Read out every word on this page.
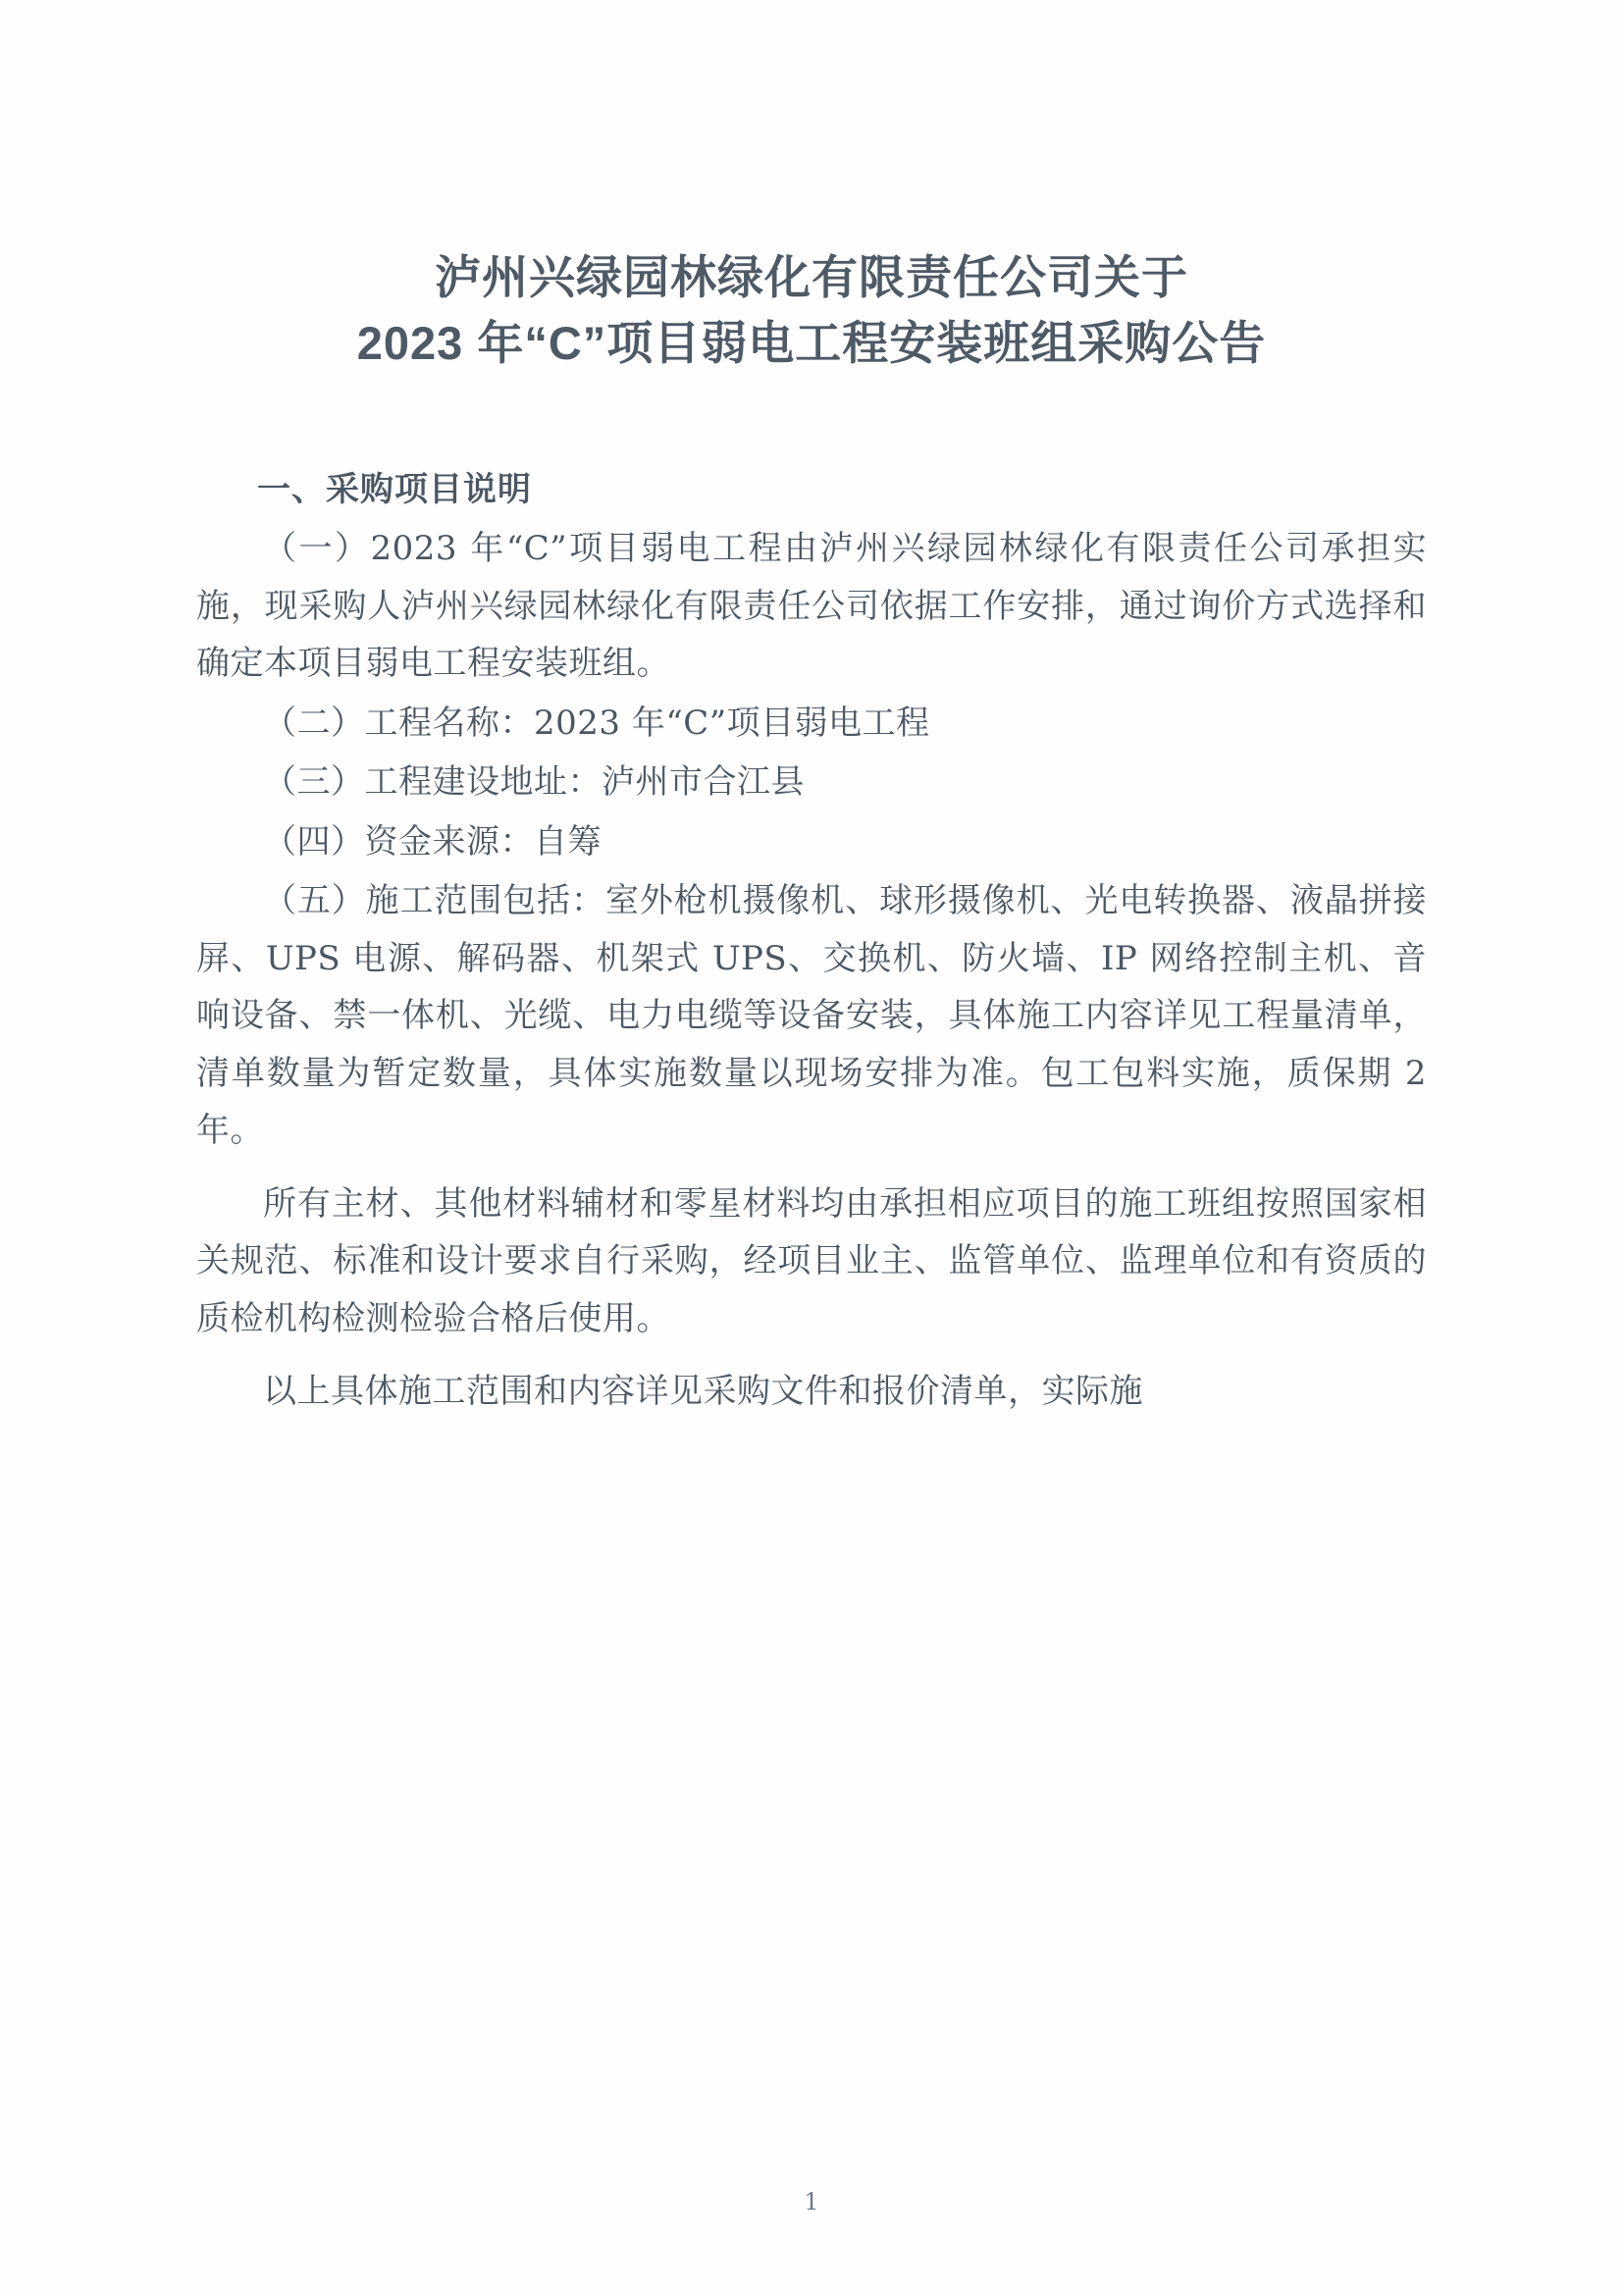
泸州兴绿园林绿化有限责任公司关于
2023 年“C”项目弱电工程安装班组采购公告
一、采购项目说明

（一）2023 年“C”项目弱电工程由泸州兴绿园林绿化有限责任公司承担实施，现采购人泸州兴绿园林绿化有限责任公司依据工作安排，通过询价方式选择和确定本项目弱电工程安装班组。

（二）工程名称：2023 年“C”项目弱电工程

（三）工程建设地址：泸州市合江县

（四）资金来源：自筹

（五）施工范围包括：室外枪机摄像机、球形摄像机、光电转换器、液晶拼接屏、UPS 电源、解码器、机架式 UPS、交换机、防火墙、IP 网络控制主机、音响设备、禁一体机、光缆、电力电缆等设备安装，具体施工内容详见工程量清单，清单数量为暂定数量，具体实施数量以现场安排为准。包工包料实施，质保期 2 年。

所有主材、其他材料辅材和零星材料均由承担相应项目的施工班组按照国家相关规范、标准和设计要求自行采购，经项目业主、监管单位、监理单位和有资质的质检机构检测检验合格后使用。

以上具体施工范围和内容详见采购文件和报价清单，实际施

1
